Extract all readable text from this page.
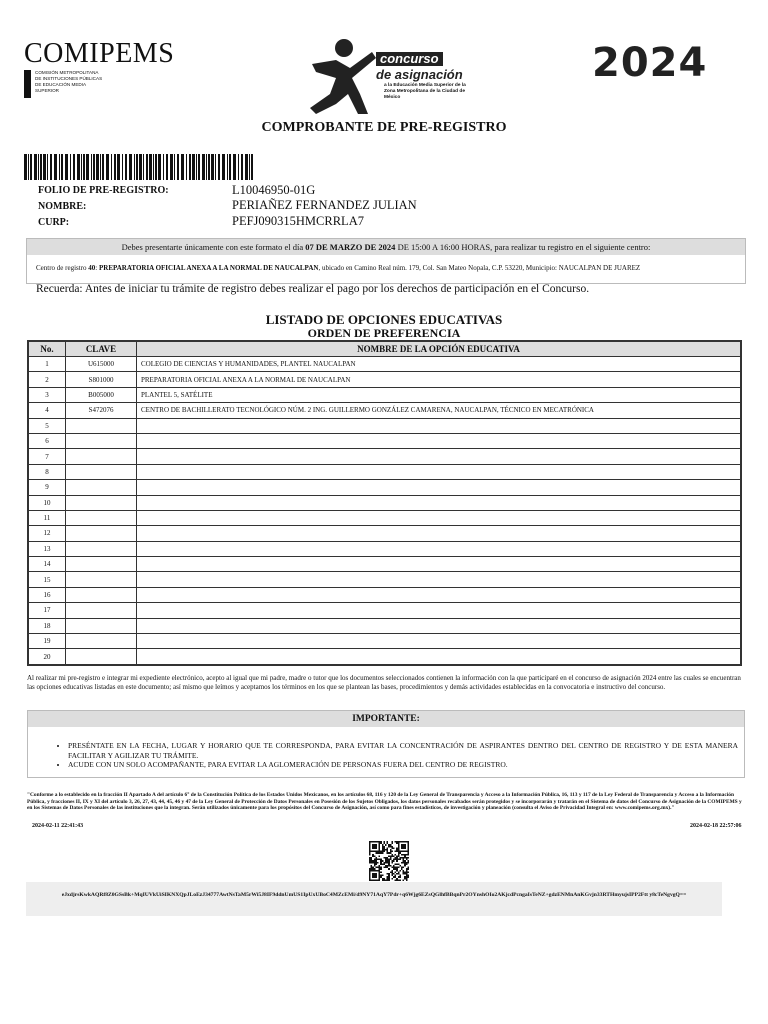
COMIPEMS
COMISIÓN METROPOLITANA DE INSTITUCIONES PÚBLICAS DE EDUCACIÓN MEDIA SUPERIOR
concurso
de asignación
a la Educación Media Superior de la Zona Metropolitana de la Ciudad de México
2024
COMPROBANTE DE PRE-REGISTRO
FOLIO DE PRE-REGISTRO:	L10046950-01G
NOMBRE:	PERIAÑEZ FERNANDEZ JULIAN
CURP:	PEFJ090315HMCRRLA7
Debes presentarte únicamente con este formato el día 07 DE MARZO DE 2024 DE 15:00 A 16:00 HORAS, para realizar tu registro en el siguiente centro:
Centro de registro 40: PREPARATORIA OFICIAL ANEXA A LA NORMAL DE NAUCALPAN, ubicado en Camino Real núm. 179, Col. San Mateo Nopala, C.P. 53220, Municipio: NAUCALPAN DE JUAREZ
Recuerda: Antes de iniciar tu trámite de registro debes realizar el pago por los derechos de participación en el Concurso.
LISTADO DE OPCIONES EDUCATIVAS
ORDEN DE PREFERENCIA
No.	CLAVE	NOMBRE DE LA OPCIÓN EDUCATIVA
1	U615000	COLEGIO DE CIENCIAS Y HUMANIDADES, PLANTEL NAUCALPAN
2	S801000	PREPARATORIA OFICIAL ANEXA A LA NORMAL DE NAUCALPAN
3	B005000	PLANTEL 5, SATÉLITE
4	S472076	CENTRO DE BACHILLERATO TECNOLÓGICO NÚM. 2 ING. GUILLERMO GONZÁLEZ CAMARENA, NAUCALPAN, TÉCNICO EN MECATRÓNICA
5		
6		
7		
8		
9		
10		
11		
12		
13		
14		
15		
16		
17		
18		
19		
20		
Al realizar mi pre-registro e integrar mi expediente electrónico, acepto al igual que mi padre, madre o tutor que los documentos seleccionados contienen la información con la que participaré en el concurso de asignación 2024 entre las cuales se encuentran las opciones educativas listadas en este documento; así mismo que leímos y aceptamos los términos en los que se plantean las bases, procedimientos y demás actividades establecidas en la convocatoria e instructivo del concurso.
IMPORTANTE:
• PRESÉNTATE EN LA FECHA, LUGAR Y HORARIO QUE TE CORRESPONDA, PARA EVITAR LA CONCENTRACIÓN DE ASPIRANTES DENTRO DEL CENTRO DE REGISTRO Y DE ESTA MANERA FACILITAR Y AGILIZAR TU TRÁMITE.
• ACUDE CON UN SOLO ACOMPAÑANTE, PARA EVITAR LA AGLOMERACIÓN DE PERSONAS FUERA DEL CENTRO DE REGISTRO.
"Conforme a lo establecido en la fracción II Apartado A del artículo 6° de la Constitución Política de los Estados Unidos Mexicanos, en los artículos 68, 116 y 120 de la Ley General de Transparencia y Acceso a la Información Pública, 16, 113 y 117 de la Ley Federal de Transparencia y Acceso a la Información Pública, y fracciones II, IX y XI del artículo 3, 26, 27, 43, 44, 45, 46 y 47 de la Ley General de Protección de Datos Personales en Posesión de los Sujetos Obligados, los datos personales recabados serán protegidos y se incorporarán y tratarán en el Sistema de datos del Concurso de Asignación de la COMIPEMS y en los Sistemas de Datos Personales de las instituciones que la integran. Serán utilizados únicamente para los propósitos del Concurso de Asignación, así como para fines estadísticos, de investigación y planeación (consulta el Aviso de Privacidad Integral en: www.comipems.org.mx)."
2024-02-11 22:41:43	2024-02-18 22:57:06
eJxdjrsKwkAQRf8Z0GSsBk+MqIUVkUiSIKNXQpJLoEzJ34777AwtNsTaM5rWi5J8IF9ddnUmUS1IpUxUBoC4MZcEMi/d9NY71AqY7Pdr+q6Wjg6EZsQGlhfBBqnPr2OYnshOIo2AKjcdPcngaIsTeNZ+gdzENMnAnKGvjn33RTHmyujsIPP2Ftt y8cTeNgvgQ==
